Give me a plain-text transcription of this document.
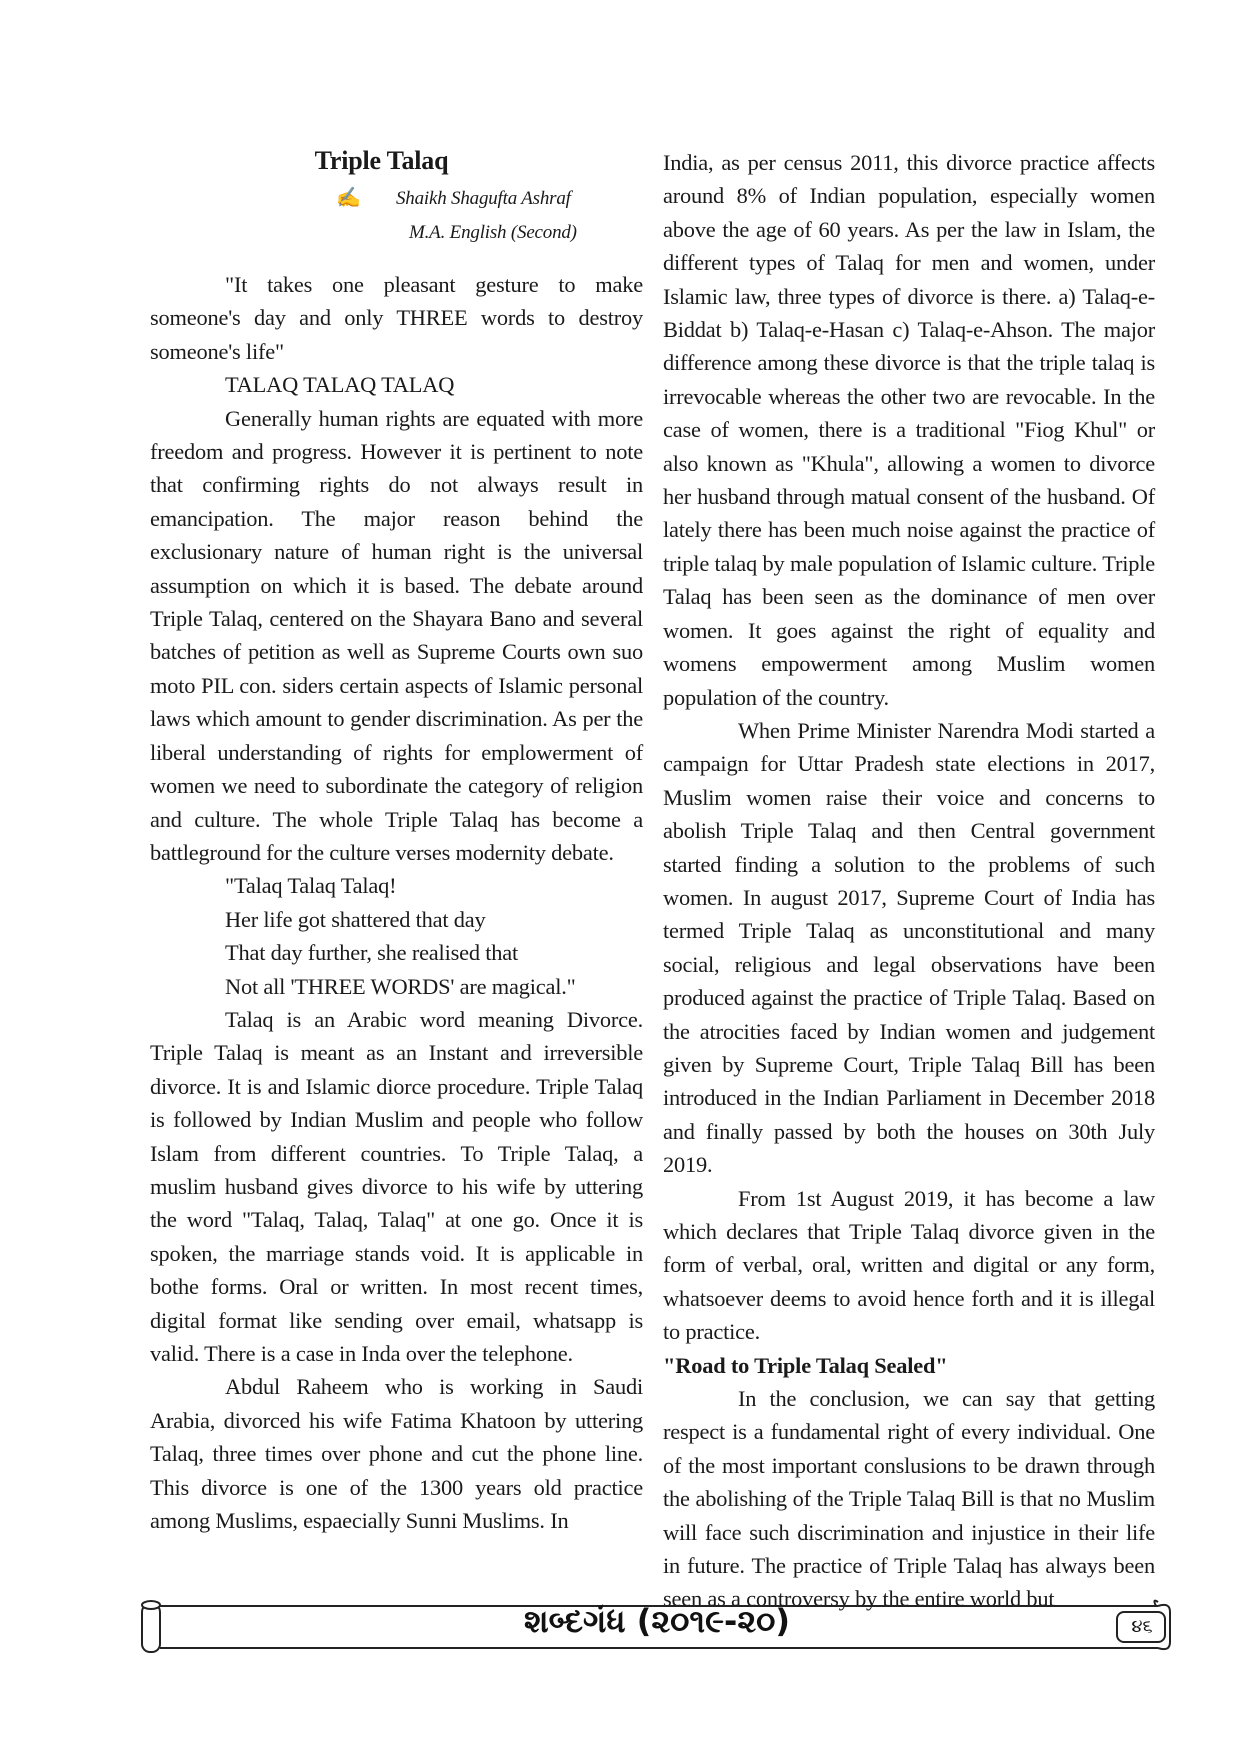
Triple Talaq
✍ Shaikh Shagufta Ashraf
M.A. English (Second)

"It takes one pleasant gesture to make someone's day and only THREE words to destroy someone's life"

TALAQ TALAQ TALAQ

Generally human rights are equated with more freedom and progress. However it is pertinent to note that confirming rights do not always result in emancipation. The major reason behind the exclusionary nature of human right is the universal assumption on which it is based. The debate around Triple Talaq, centered on the Shayara Bano and several batches of petition as well as Supreme Courts own suo moto PIL con. siders certain aspects of Islamic personal laws which amount to gender discrimination. As per the liberal understanding of rights for emplowerment of women we need to subordinate the category of religion and culture. The whole Triple Talaq has become a battleground for the culture verses modernity debate.

"Talaq Talaq Talaq!

Her life got shattered that day

That day further, she realised that

Not all 'THREE WORDS' are magical."

Talaq is an Arabic word meaning Divorce. Triple Talaq is meant as an Instant and irreversible divorce. It is and Islamic diorce procedure. Triple Talaq is followed by Indian Muslim and people who follow Islam from different countries. To Triple Talaq, a muslim husband gives divorce to his wife by uttering the word "Talaq, Talaq, Talaq" at one go. Once it is spoken, the marriage stands void. It is applicable in bothe forms. Oral or written. In most recent times, digital format like sending over email, whatsapp is valid. There is a case in Inda over the telephone.

Abdul Raheem who is working in Saudi Arabia, divorced his wife Fatima Khatoon by uttering Talaq, three times over phone and cut the phone line. This divorce is one of the 1300 years old practice among Muslims, espaecially Sunni Muslims. In

India, as per census 2011, this divorce practice affects around 8% of Indian population, especially women above the age of 60 years. As per the law in Islam, the different types of Talaq for men and women, under Islamic law, three types of divorce is there. a) Talaq-e-Biddat b) Talaq-e-Hasan c) Talaq-e-Ahson. The major difference among these divorce is that the triple talaq is irrevocable whereas the other two are revocable. In the case of women, there is a traditional "Fiog Khul" or also known as "Khula", allowing a women to divorce her husband through matual consent of the husband. Of lately there has been much noise against the practice of triple talaq by male population of Islamic culture. Triple Talaq has been seen as the dominance of men over women. It goes against the right of equality and womens empowerment among Muslim women population of the country.

When Prime Minister Narendra Modi started a campaign for Uttar Pradesh state elections in 2017, Muslim women raise their voice and concerns to abolish Triple Talaq and then Central government started finding a solution to the problems of such women. In august 2017, Supreme Court of India has termed Triple Talaq as unconstitutional and many social, religious and legal observations have been produced against the practice of Triple Talaq. Based on the atrocities faced by Indian women and judgement given by Supreme Court, Triple Talaq Bill has been introduced in the Indian Parliament in December 2018 and finally passed by both the houses on 30th July 2019.

From 1st August 2019, it has become a law which declares that Triple Talaq divorce given in the form of verbal, oral, written and digital or any form, whatsoever deems to avoid hence forth and it is illegal to practice.

"Road to Triple Talaq Sealed"

In the conclusion, we can say that getting respect is a fundamental right of every individual. One of the most important conslusions to be drawn through the abolishing of the Triple Talaq Bill is that no Muslim will face such discrimination and injustice in their life in future. The practice of Triple Talaq has always been seen as a controversy by the entire world but

શબ્દગંધ (૨૦૧૯-૨૦)	૪૬
